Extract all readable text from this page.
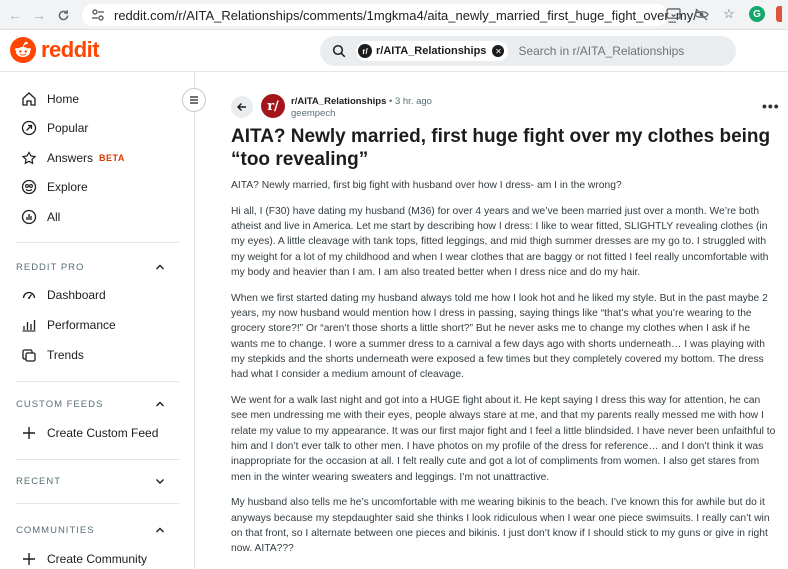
← →	reddit.com/r/AITA_Relationships/comments/1mgkma4/aita_newly_married_first_huge_fight_over_my/ ☆	G
reddit	r/ r/AITA_Relationships	✕ Search in r/AITA_Relationships
Home
Popular
Answers BETA
Explore
All
REDDIT PRO
Dashboard
Performance
Trends
CUSTOM FEEDS
Create Custom Feed
RECENT
COMMUNITIES
Create Community
r/	r/AITA_Relationships • 3 hr. ago
geempech	•••
AITA? Newly married, first huge fight over my clothes being “too revealing”

AITA? Newly married, first big fight with husband over how I dress- am I in the wrong?

Hi all, I (F30) have dating my husband (M36) for over 4 years and we’ve been married just over a month. We’re both atheist and live in America. Let me start by describing how I dress: I like to wear fitted, SLIGHTLY revealing clothes (in my eyes). A little cleavage with tank tops, fitted leggings, and mid thigh summer dresses are my go to. I struggled with my weight for a lot of my childhood and when I wear clothes that are baggy or not fitted I feel really uncomfortable with my body and heavier than I am. I am also treated better when I dress nice and do my hair.

When we first started dating my husband always told me how I look hot and he liked my style. But in the past maybe 2 years, my now husband would mention how I dress in passing, saying things like “that’s what you’re wearing to the grocery store?!” Or “aren’t those shorts a little short?” But he never asks me to change my clothes when I ask if he wants me to change. I wore a summer dress to a carnival a few days ago with shorts underneath… I was playing with my stepkids and the shorts underneath were exposed a few times but they completely covered my bottom. The dress had what I consider a medium amount of cleavage.

We went for a walk last night and got into a HUGE fight about it. He kept saying I dress this way for attention, he can see men undressing me with their eyes, people always stare at me, and that my parents really messed me with how I relate my value to my appearance. It was our first major fight and I feel a little blindsided. I have never been unfaithful to him and I don’t ever talk to other men. I have photos on my profile of the dress for reference… and I don’t think it was inappropriate for the occasion at all. I felt really cute and got a lot of compliments from women. I also get stares from men in the winter wearing sweaters and leggings. I’m not unattractive.

My husband also tells me he’s uncomfortable with me wearing bikinis to the beach. I’ve known this for awhile but do it anyways because my stepdaughter said she thinks I look ridiculous when I wear one piece swimsuits. I really can’t win on that front, so I alternate between one pieces and bikinis. I just don’t know if I should stick to my guns or give in right now. AITA???
